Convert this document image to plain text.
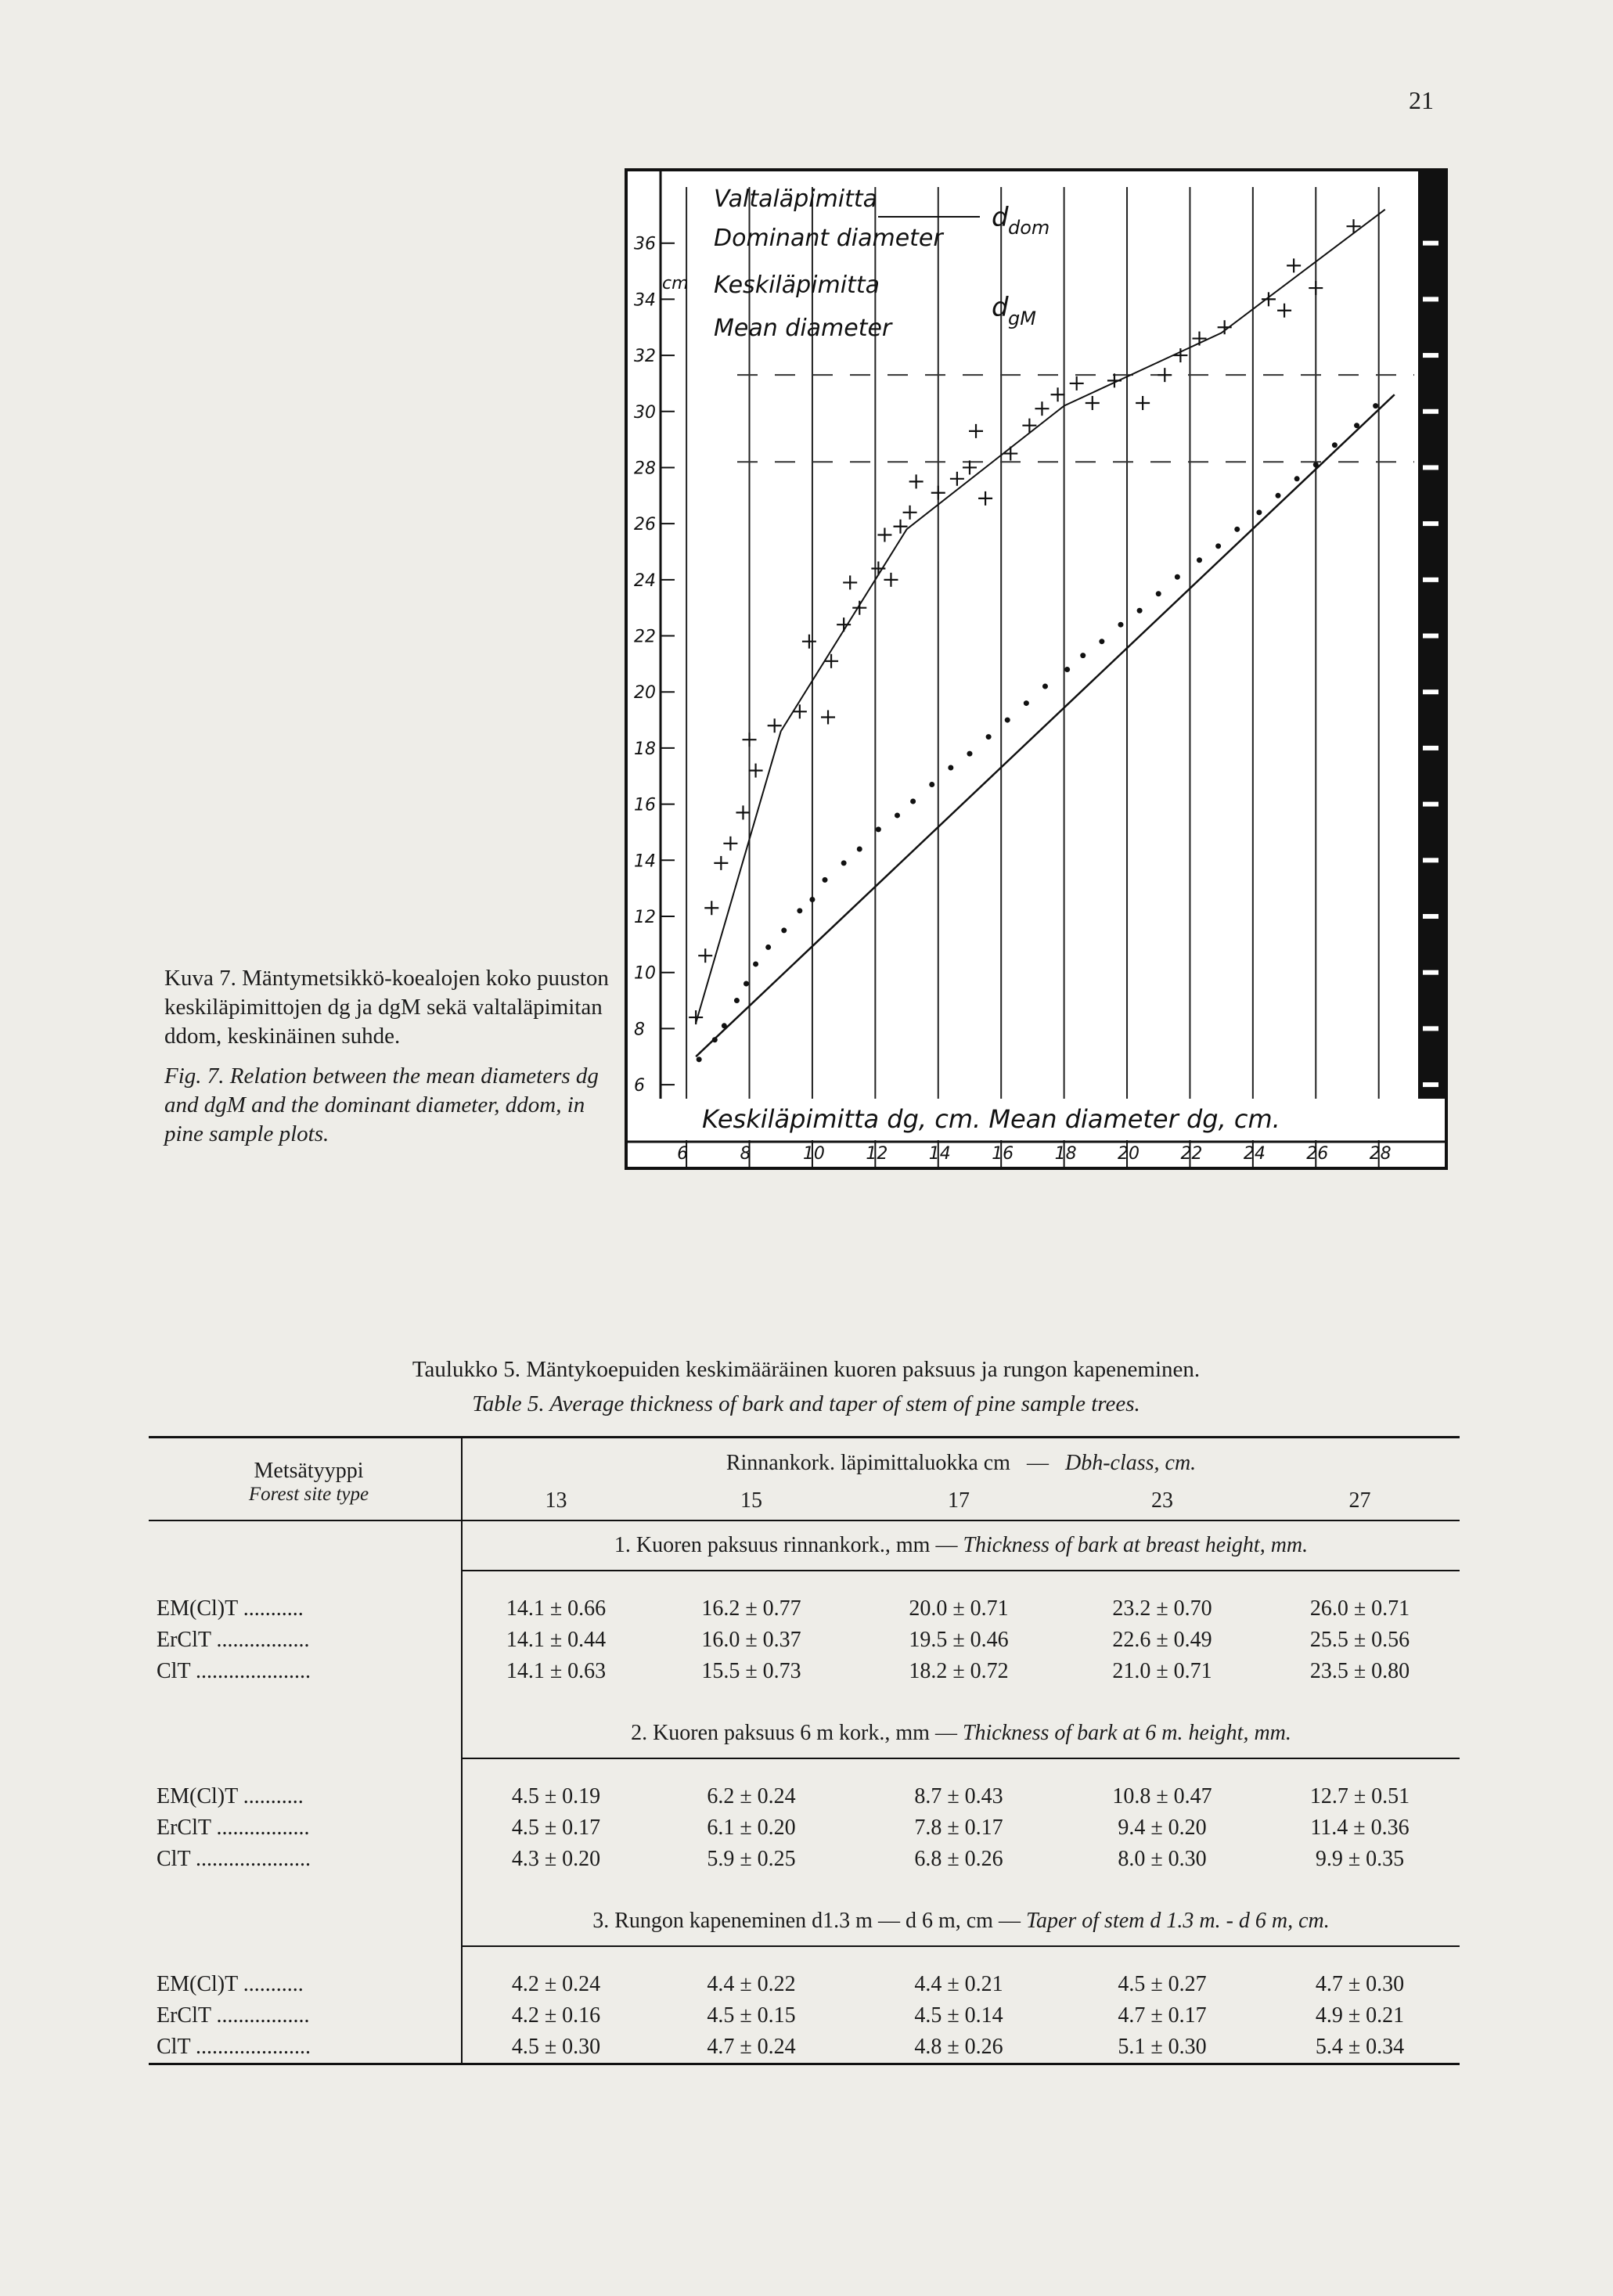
21
Valtaläpimitta
Dominant diameter
d dom
Keskiläpimitta
Mean diameter
d gM
cm
Keskiläpimitta dg, cm. Mean diameter dg, cm.
6
8
10
12
14
16
18
20
22
24
26
28
30
32
34
36
6	8	10 12 14 16 18 20 22 24 26 28

Kuva 7. Mäntymetsikkö-koealojen koko puuston keskiläpimittojen dg ja dgM sekä valtaläpimitan ddom, keskinäinen suhde.

Fig. 7. Relation between the mean diameters dg and dgM and the dominant diameter, ddom, in pine sample plots.

Taulukko 5. Mäntykoepuiden keskimääräinen kuoren paksuus ja rungon kapeneminen.
Table 5. Average thickness of bark and taper of stem of pine sample trees.

Metsätyyppi
Forest site type	Rinnankork. läpimittaluokka cm   —   Dbh-class, cm.				
	13	15	17	23	27
	1. Kuoren paksuus rinnankork., mm — Thickness of bark at breast height, mm.				

EM(Cl)T ...........	14.1 ± 0.66	16.2 ± 0.77	20.0 ± 0.71	23.2 ± 0.70	26.0 ± 0.71
ErClT .................	14.1 ± 0.44	16.0 ± 0.37	19.5 ± 0.46	22.6 ± 0.49	25.5 ± 0.56
ClT .....................	14.1 ± 0.63	15.5 ± 0.73	18.2 ± 0.72	21.0 ± 0.71	23.5 ± 0.80

	2. Kuoren paksuus 6 m kork., mm — Thickness of bark at 6 m. height, mm.				

EM(Cl)T ...........	4.5 ± 0.19	6.2 ± 0.24	8.7 ± 0.43	10.8 ± 0.47	12.7 ± 0.51
ErClT .................	4.5 ± 0.17	6.1 ± 0.20	7.8 ± 0.17	9.4 ± 0.20	11.4 ± 0.36
ClT .....................	4.3 ± 0.20	5.9 ± 0.25	6.8 ± 0.26	8.0 ± 0.30	9.9 ± 0.35

	3. Rungon kapeneminen d1.3 m — d 6 m, cm — Taper of stem d 1.3 m. - d 6 m, cm.				

EM(Cl)T ...........	4.2 ± 0.24	4.4 ± 0.22	4.4 ± 0.21	4.5 ± 0.27	4.7 ± 0.30
ErClT .................	4.2 ± 0.16	4.5 ± 0.15	4.5 ± 0.14	4.7 ± 0.17	4.9 ± 0.21
ClT .....................	4.5 ± 0.30	4.7 ± 0.24	4.8 ± 0.26	5.1 ± 0.30	5.4 ± 0.34
